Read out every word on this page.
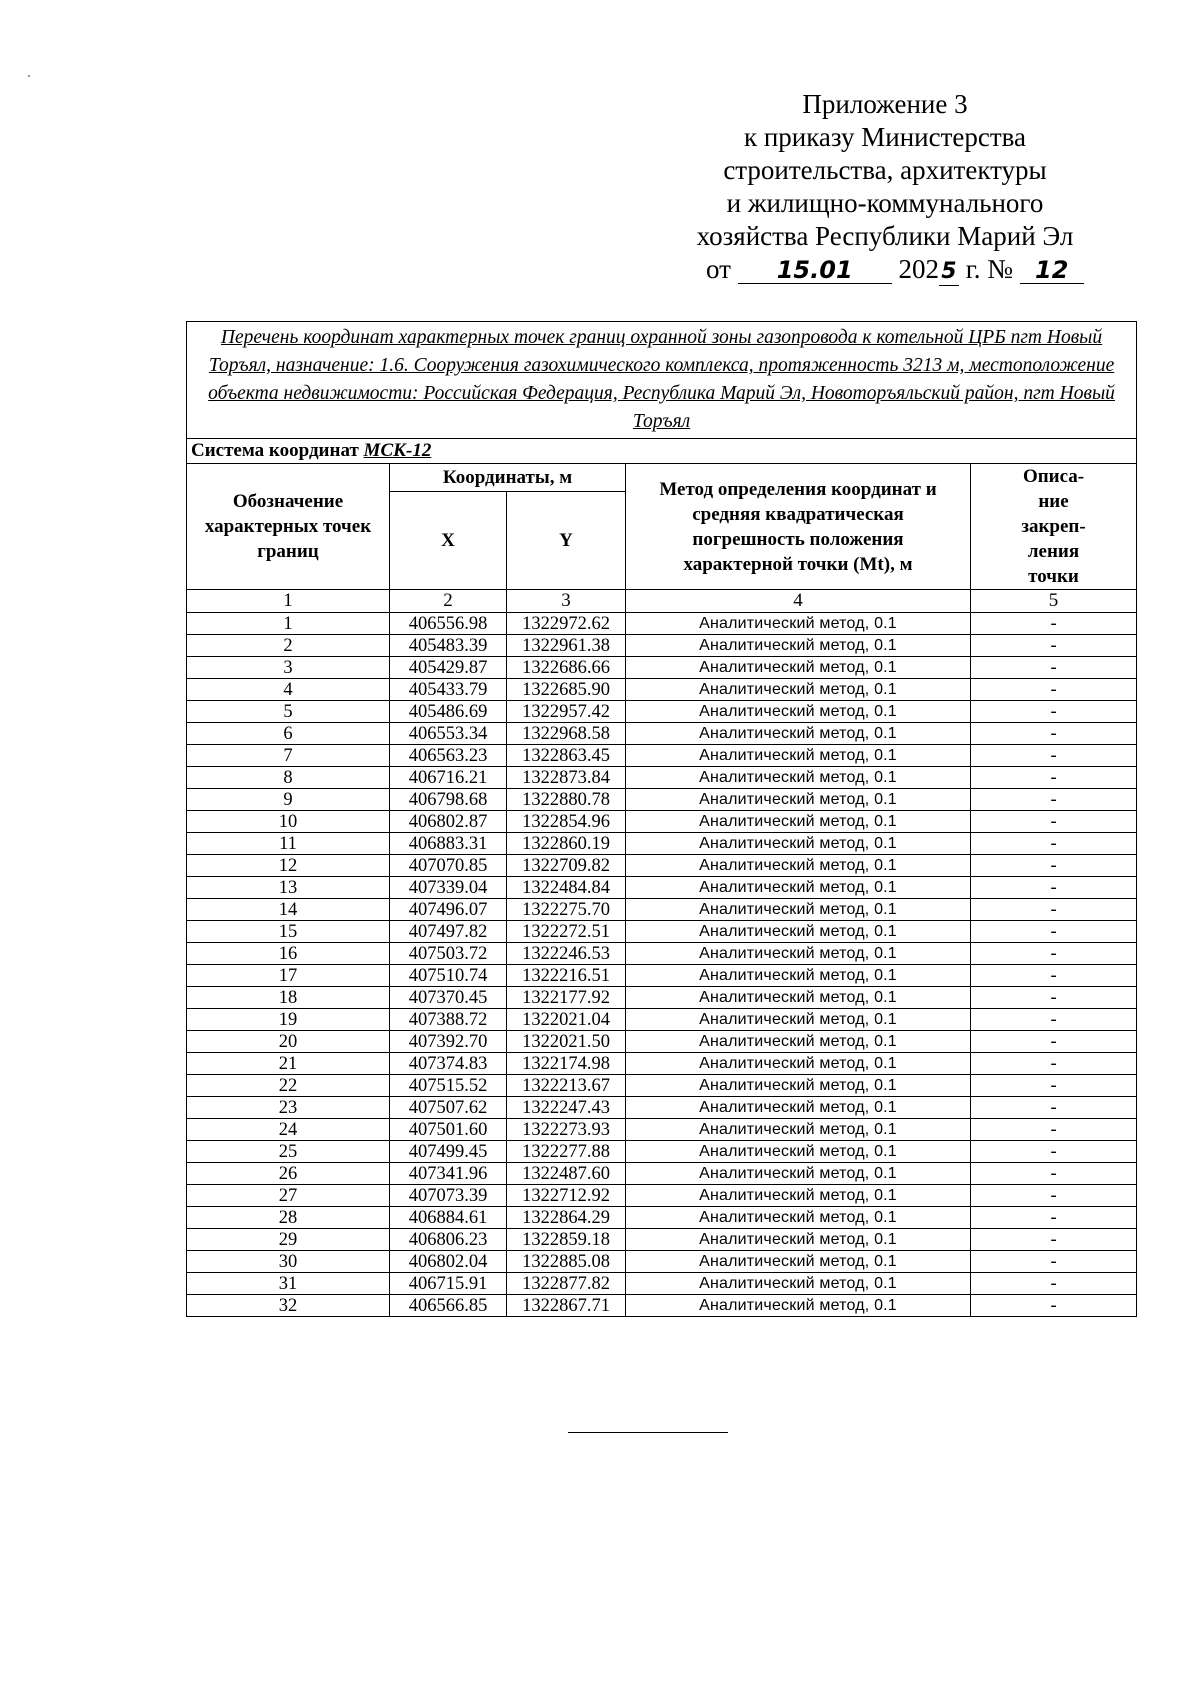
Приложение 3
к приказу Министерства
строительства, архитектуры
и жилищно-коммунального
хозяйства Республики Марий Эл
от 15.01 202 5 г. № 12
Перечень координат характерных точек границ охранной зоны газопровода к котельной ЦРБ пгт Новый Торъял, назначение: 1.6. Сооружения газохимического комплекса, протяженность 3213 м, местоположение объекта недвижимости: Российская Федерация, Республика Марий Эл, Новоторъяльский район, пгт Новый Торъял				
Система координат МСК-12				
Обозначение характерных точек границ	Координаты, м		Метод определения координат и средняя квадратическая погрешность положения характерной точки (Mt), м	Описа-ние закреп-ления точки
	X	Y		
1	2	3	4	5
1	406556.98	1322972.62	Аналитический метод, 0.1	-
2	405483.39	1322961.38	Аналитический метод, 0.1	-
3	405429.87	1322686.66	Аналитический метод, 0.1	-
4	405433.79	1322685.90	Аналитический метод, 0.1	-
5	405486.69	1322957.42	Аналитический метод, 0.1	-
6	406553.34	1322968.58	Аналитический метод, 0.1	-
7	406563.23	1322863.45	Аналитический метод, 0.1	-
8	406716.21	1322873.84	Аналитический метод, 0.1	-
9	406798.68	1322880.78	Аналитический метод, 0.1	-
10	406802.87	1322854.96	Аналитический метод, 0.1	-
11	406883.31	1322860.19	Аналитический метод, 0.1	-
12	407070.85	1322709.82	Аналитический метод, 0.1	-
13	407339.04	1322484.84	Аналитический метод, 0.1	-
14	407496.07	1322275.70	Аналитический метод, 0.1	-
15	407497.82	1322272.51	Аналитический метод, 0.1	-
16	407503.72	1322246.53	Аналитический метод, 0.1	-
17	407510.74	1322216.51	Аналитический метод, 0.1	-
18	407370.45	1322177.92	Аналитический метод, 0.1	-
19	407388.72	1322021.04	Аналитический метод, 0.1	-
20	407392.70	1322021.50	Аналитический метод, 0.1	-
21	407374.83	1322174.98	Аналитический метод, 0.1	-
22	407515.52	1322213.67	Аналитический метод, 0.1	-
23	407507.62	1322247.43	Аналитический метод, 0.1	-
24	407501.60	1322273.93	Аналитический метод, 0.1	-
25	407499.45	1322277.88	Аналитический метод, 0.1	-
26	407341.96	1322487.60	Аналитический метод, 0.1	-
27	407073.39	1322712.92	Аналитический метод, 0.1	-
28	406884.61	1322864.29	Аналитический метод, 0.1	-
29	406806.23	1322859.18	Аналитический метод, 0.1	-
30	406802.04	1322885.08	Аналитический метод, 0.1	-
31	406715.91	1322877.82	Аналитический метод, 0.1	-
32	406566.85	1322867.71	Аналитический метод, 0.1	-
